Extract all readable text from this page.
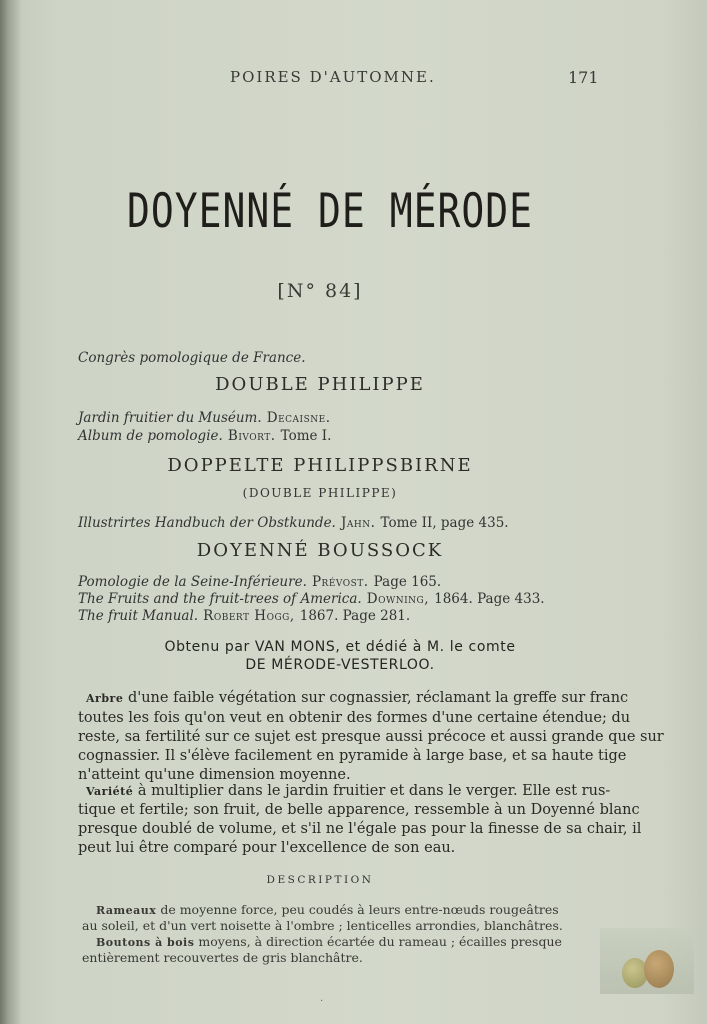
POIRES D'AUTOMNE.	171
DOYENNÉ DE MÉRODE
[N° 84]
Congrès pomologique de France.
DOUBLE PHILIPPE
Jardin fruitier du Muséum. Decaisne.
Album de pomologie. Bivort. Tome I.
DOPPELTE PHILIPPSBIRNE
(DOUBLE PHILIPPE)
Illustrirtes Handbuch der Obstkunde. Jahn. Tome II, page 435.
DOYENNÉ BOUSSOCK
Pomologie de la Seine-Inférieure. Prévost. Page 165.
The Fruits and the fruit-trees of America. Downing, 1864. Page 433.
The fruit Manual. Robert Hogg, 1867. Page 281.
Obtenu par VAN MONS, et dédié à M. le comte
DE MÉRODE-VESTERLOO.
Arbre d'une faible végétation sur cognassier, réclamant la greffe sur franc
toutes les fois qu'on veut en obtenir des formes d'une certaine étendue; du
reste, sa fertilité sur ce sujet est presque aussi précoce et aussi grande que sur
cognassier. Il s'élève facilement en pyramide à large base, et sa haute tige
n'atteint qu'une dimension moyenne.
Variété à multiplier dans le jardin fruitier et dans le verger. Elle est rus-
tique et fertile; son fruit, de belle apparence, ressemble à un Doyenné blanc
presque doublé de volume, et s'il ne l'égale pas pour la finesse de sa chair, il
peut lui être comparé pour l'excellence de son eau.
DESCRIPTION
Rameaux de moyenne force, peu coudés à leurs entre-nœuds rougeâtres
au soleil, et d'un vert noisette à l'ombre ; lenticelles arrondies, blanchâtres.
Boutons à bois moyens, à direction écartée du rameau ; écailles presque
entièrement recouvertes de gris blanchâtre.
·
